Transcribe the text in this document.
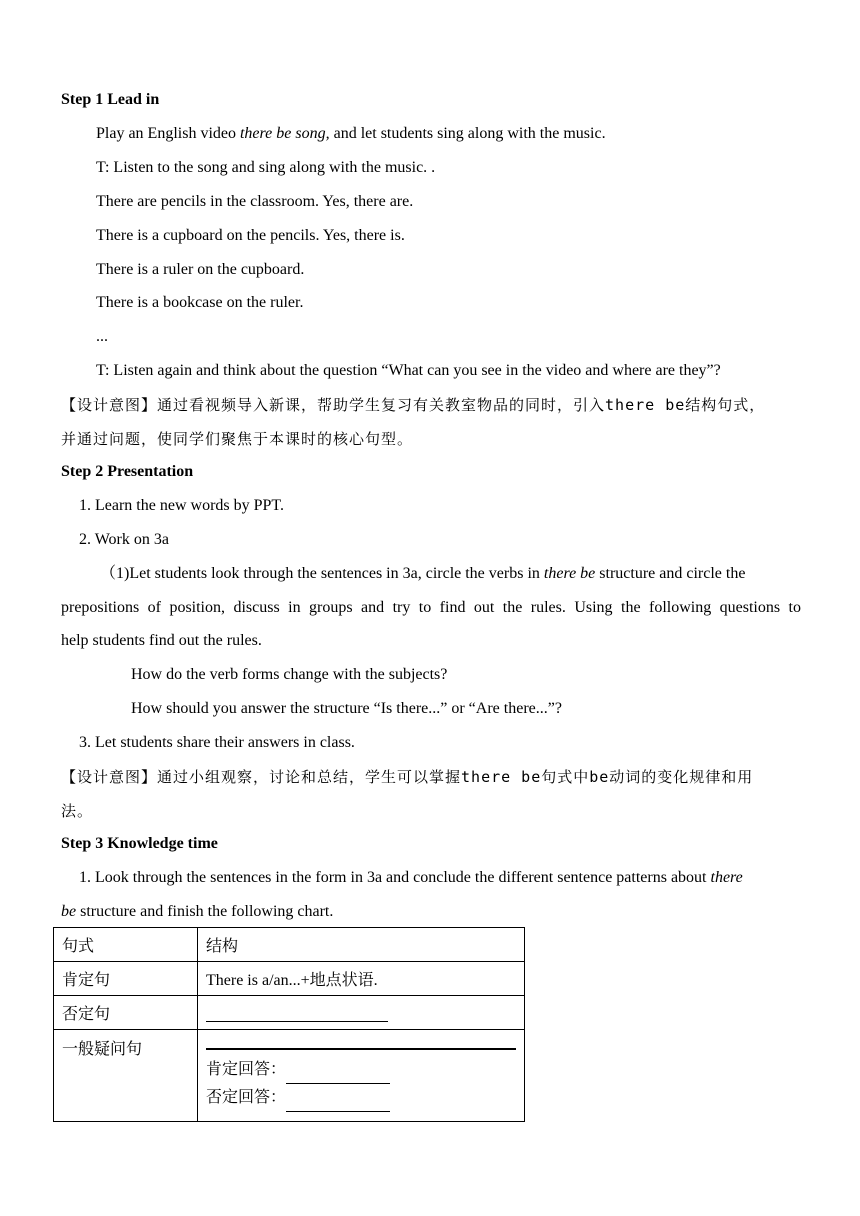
Step 1 Lead in
Play an English video there be song, and let students sing along with the music.
T: Listen to the song and sing along with the music. .
There are pencils in the classroom. Yes, there are.
There is a cupboard on the pencils. Yes, there is.
There is a ruler on the cupboard.
There is a bookcase on the ruler.
...
T: Listen again and think about the question “What can you see in the video and where are they”?
【设计意图】通过看视频导入新课，帮助学生复习有关教室物品的同时，引入there be结构句式，
并通过问题，使同学们聚焦于本课时的核心句型。
Step 2 Presentation
1. Learn the new words by PPT.
2. Work on 3a
（1)Let students look through the sentences in 3a, circle the verbs in there be structure and circle the
prepositions of position, discuss in groups and try to find out the rules. Using the following questions to
help students find out the rules.
How do the verb forms change with the subjects?
How should you answer the structure “Is there...” or “Are there...”?
3. Let students share their answers in class.
【设计意图】通过小组观察，讨论和总结，学生可以掌握there be句式中be动词的变化规律和用
法。
Step 3 Knowledge time
1. Look through the sentences in the form in 3a and conclude the different sentence patterns about there
be structure and finish the following chart.
句式	结构
肯定句	There is a/an...+地点状语.
否定句	
一般疑问句	肯定回答：
否定回答：
